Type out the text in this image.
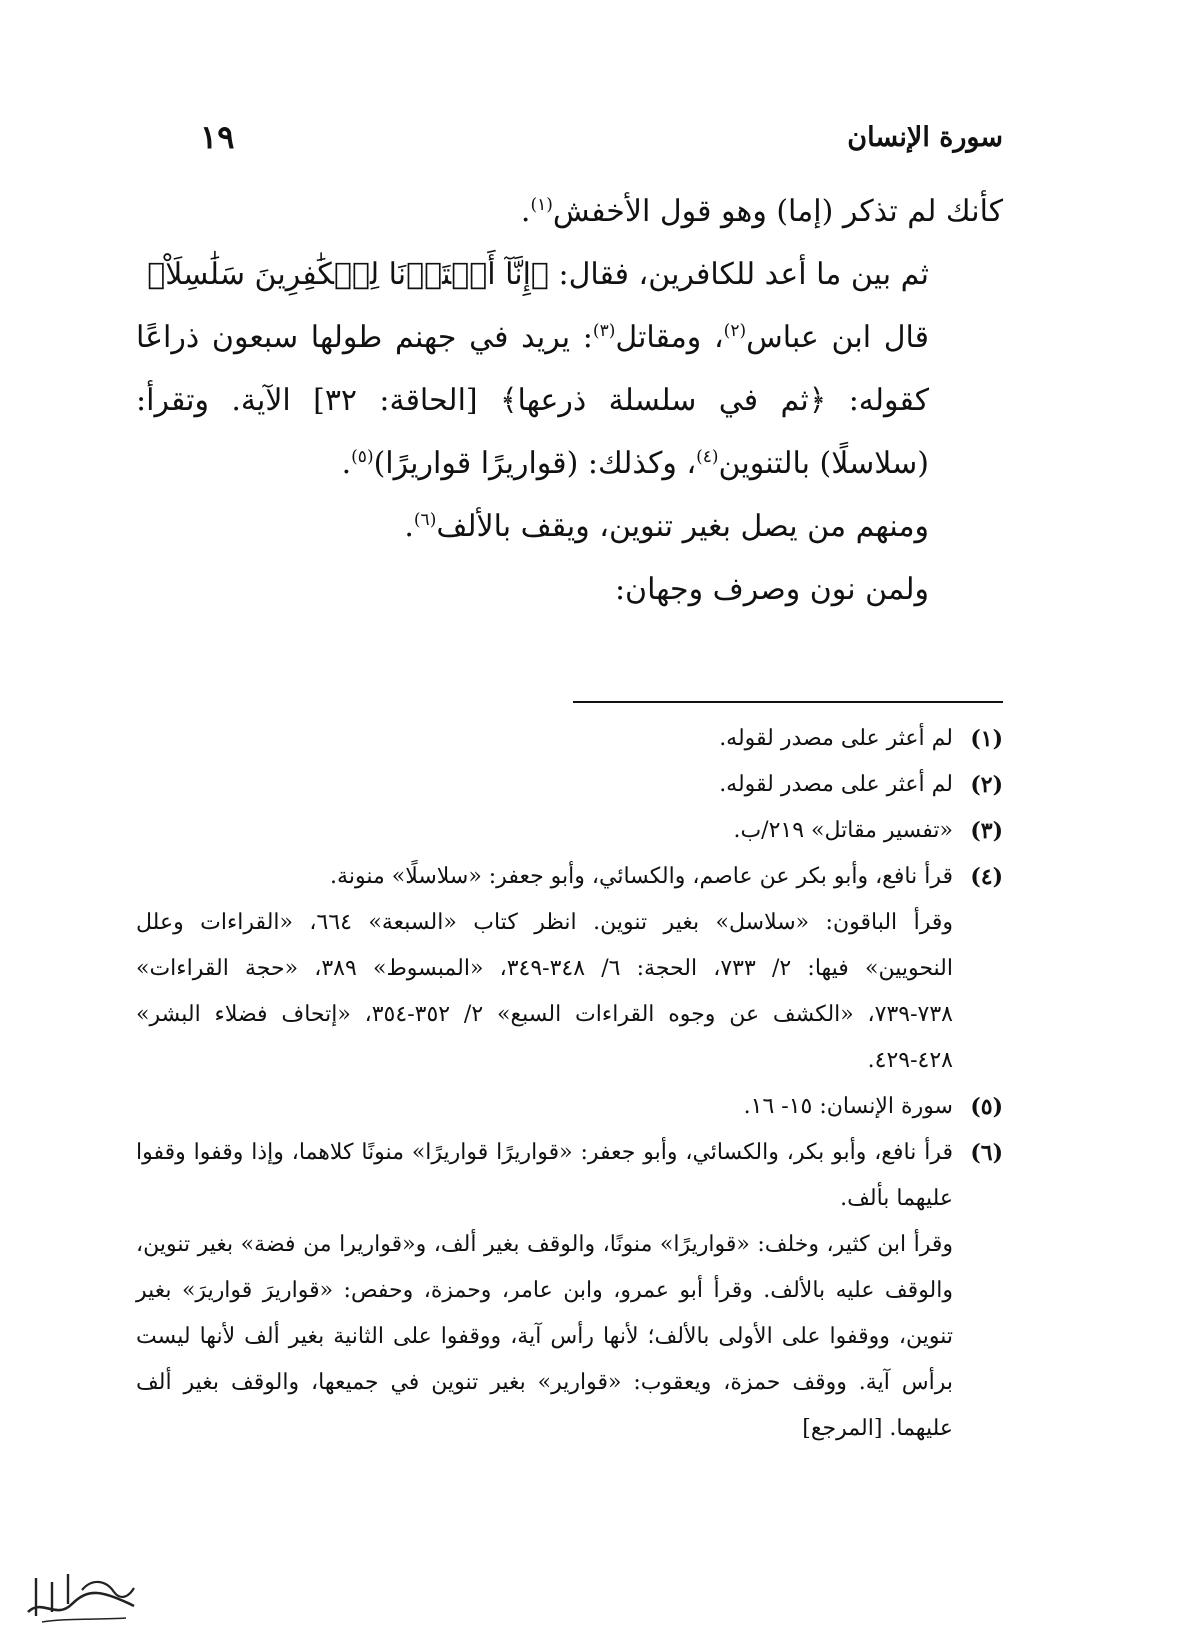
سورة الإنسان
١٩

كأنك لم تذكر (إما) وهو قول الأخفش$^{(١)}$.

ثم بين ما أعد للكافرين، فقال: ﴿إِنَّآ أَعۡتَدۡنَا لِلۡكَٰفِرِينَ سَلَٰسِلَاْ﴾

قال ابن عباس$^{(٢)}$، ومقاتل$^{(٣)}$: يريد في جهنم طولها سبعون ذراعًا كقوله: ﴿ثم في سلسلة ذرعها﴾ [الحاقة: ٣٢] الآية. وتقرأ: (سلاسلًا) بالتنوين$^{(٤)}$، وكذلك: (قواريرًا قواريرًا)$^{(٥)}$.

ومنهم من يصل بغير تنوين، ويقف بالألف$^{(٦)}$.

ولمن نون وصرف وجهان:

(١)
لم أعثر على مصدر لقوله.
(٢)
لم أعثر على مصدر لقوله.
(٣)
«تفسير مقاتل» ٢١٩/ب.
(٤)
قرأ نافع، وأبو بكر عن عاصم، والكسائي، وأبو جعفر: «سلاسلًا» منونة.
وقرأ الباقون: «سلاسل» بغير تنوين. انظر كتاب «السبعة» ٦٦٤، «القراءات وعلل النحويين» فيها: ٢/ ٧٣٣، الحجة: ٦/ ٣٤٨-٣٤٩، «المبسوط» ٣٨٩، «حجة القراءات» ٧٣٨-٧٣٩، «الكشف عن وجوه القراءات السبع» ٢/ ٣٥٢-٣٥٤، «إتحاف فضلاء البشر» ٤٢٨-٤٢٩.
(٥)
سورة الإنسان: ١٥- ١٦.
(٦)
قرأ نافع، وأبو بكر، والكسائي، وأبو جعفر: «قواريرًا قواريرًا» منونًا كلاهما، وإذا وقفوا وقفوا عليهما بألف.
وقرأ ابن كثير، وخلف: «قواريرًا» منونًا، والوقف بغير ألف، و«قواريرا من فضة» بغير تنوين، والوقف عليه بالألف. وقرأ أبو عمرو، وابن عامر، وحمزة، وحفص: «قواريرَ قواريرَ» بغير تنوين، ووقفوا على الأولى بالألف؛ لأنها رأس آية، ووقفوا على الثانية بغير ألف لأنها ليست برأس آية. ووقف حمزة، ويعقوب: «قوارير» بغير تنوين في جميعها، والوقف بغير ألف عليهما. [المرجع]
